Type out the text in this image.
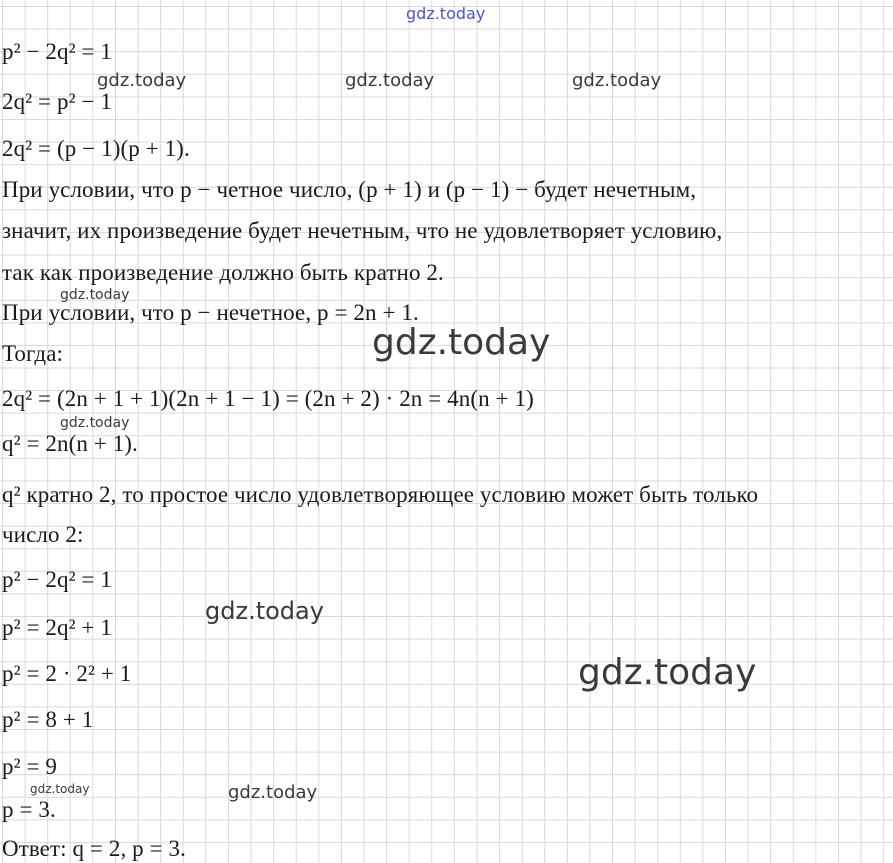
gdz.today
p² − 2q² = 1
2q² = p² − 1
2q² = (p − 1)(p + 1).
При условии, что p − четное число, (p + 1) и (p − 1) − будет нечетным,
значит, их произведение будет нечетным, что не удовлетворяет условию,
так как произведение должно быть кратно 2.
При условии, что p − нечетное, p = 2n + 1.
Тогда:
2q² = (2n + 1 + 1)(2n + 1 − 1) = (2n + 2) · 2n = 4n(n + 1)
q² = 2n(n + 1).
q² кратно 2, то простое число удовлетворяющее условию может быть только
число 2:
p² − 2q² = 1
p² = 2q² + 1
p² = 2 · 2² + 1
p² = 8 + 1
p² = 9
p = 3.
Ответ: q = 2, p = 3.
gdz.today	gdz.today	gdz.today
gdz.today
gdz.today
gdz.today
gdz.today
gdz.today
gdz.today
gdz.today
